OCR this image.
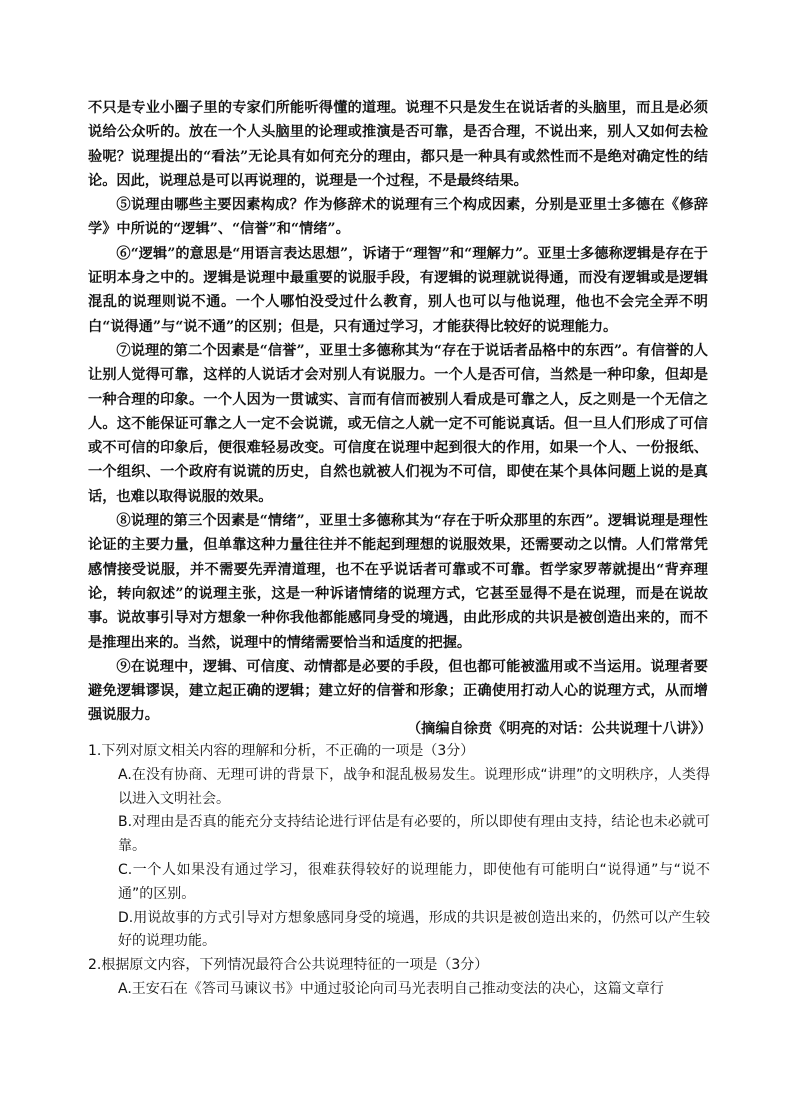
不只是专业小圈子里的专家们所能听得懂的道理。说理不只是发生在说话者的头脑里，而且是必须说给公众听的。放在一个人头脑里的论理或推演是否可靠，是否合理，不说出来，别人又如何去检验呢？说理提出的“看法”无论具有如何充分的理由，都只是一种具有或然性而不是绝对确定性的结论。因此，说理总是可以再说理的，说理是一个过程，不是最终结果。

⑤说理由哪些主要因素构成？作为修辞术的说理有三个构成因素，分别是亚里士多德在《修辞学》中所说的“逻辑”、“信誉”和“情绪”。

⑥“逻辑”的意思是“用语言表达思想”，诉诸于“理智”和“理解力”。亚里士多德称逻辑是存在于证明本身之中的。逻辑是说理中最重要的说服手段，有逻辑的说理就说得通，而没有逻辑或是逻辑混乱的说理则说不通。一个人哪怕没受过什么教育，别人也可以与他说理，他也不会完全弄不明白“说得通”与“说不通”的区别；但是，只有通过学习，才能获得比较好的说理能力。

⑦说理的第二个因素是“信誉”，亚里士多德称其为“存在于说话者品格中的东西”。有信誉的人让别人觉得可靠，这样的人说话才会对别人有说服力。一个人是否可信，当然是一种印象，但却是一种合理的印象。一个人因为一贯诚实、言而有信而被别人看成是可靠之人，反之则是一个无信之人。这不能保证可靠之人一定不会说谎，或无信之人就一定不可能说真话。但一旦人们形成了可信或不可信的印象后，便很难轻易改变。可信度在说理中起到很大的作用，如果一个人、一份报纸、一个组织、一个政府有说谎的历史，自然也就被人们视为不可信，即使在某个具体问题上说的是真话，也难以取得说服的效果。

⑧说理的第三个因素是“情绪”，亚里士多德称其为“存在于听众那里的东西”。逻辑说理是理性论证的主要力量，但单靠这种力量往往并不能起到理想的说服效果，还需要动之以情。人们常常凭感情接受说服，并不需要先弄清道理，也不在乎说话者可靠或不可靠。哲学家罗蒂就提出“背弃理论，转向叙述”的说理主张，这是一种诉诸情绪的说理方式，它甚至显得不是在说理，而是在说故事。说故事引导对方想象一种你我他都能感同身受的境遇，由此形成的共识是被创造出来的，而不是推理出来的。当然，说理中的情绪需要恰当和适度的把握。

⑨在说理中，逻辑、可信度、动情都是必要的手段，但也都可能被滥用或不当运用。说理者要避免逻辑谬误，建立起正确的逻辑；建立好的信誉和形象；正确使用打动人心的说理方式，从而增强说服力。

（摘编自徐贲《明亮的对话：公共说理十八讲》）

1.下列对原文相关内容的理解和分析，不正确的一项是（3分）

A.在没有协商、无理可讲的背景下，战争和混乱极易发生。说理形成“讲理”的文明秩序，人类得以进入文明社会。

B.对理由是否真的能充分支持结论进行评估是有必要的，所以即使有理由支持，结论也未必就可靠。

C.一个人如果没有通过学习，很难获得较好的说理能力，即使他有可能明白“说得通”与“说不通”的区别。

D.用说故事的方式引导对方想象感同身受的境遇，形成的共识是被创造出来的，仍然可以产生较好的说理功能。

2.根据原文内容，下列情况最符合公共说理特征的一项是（3分）

A.王安石在《答司马谏议书》中通过驳论向司马光表明自己推动变法的决心，这篇文章行
